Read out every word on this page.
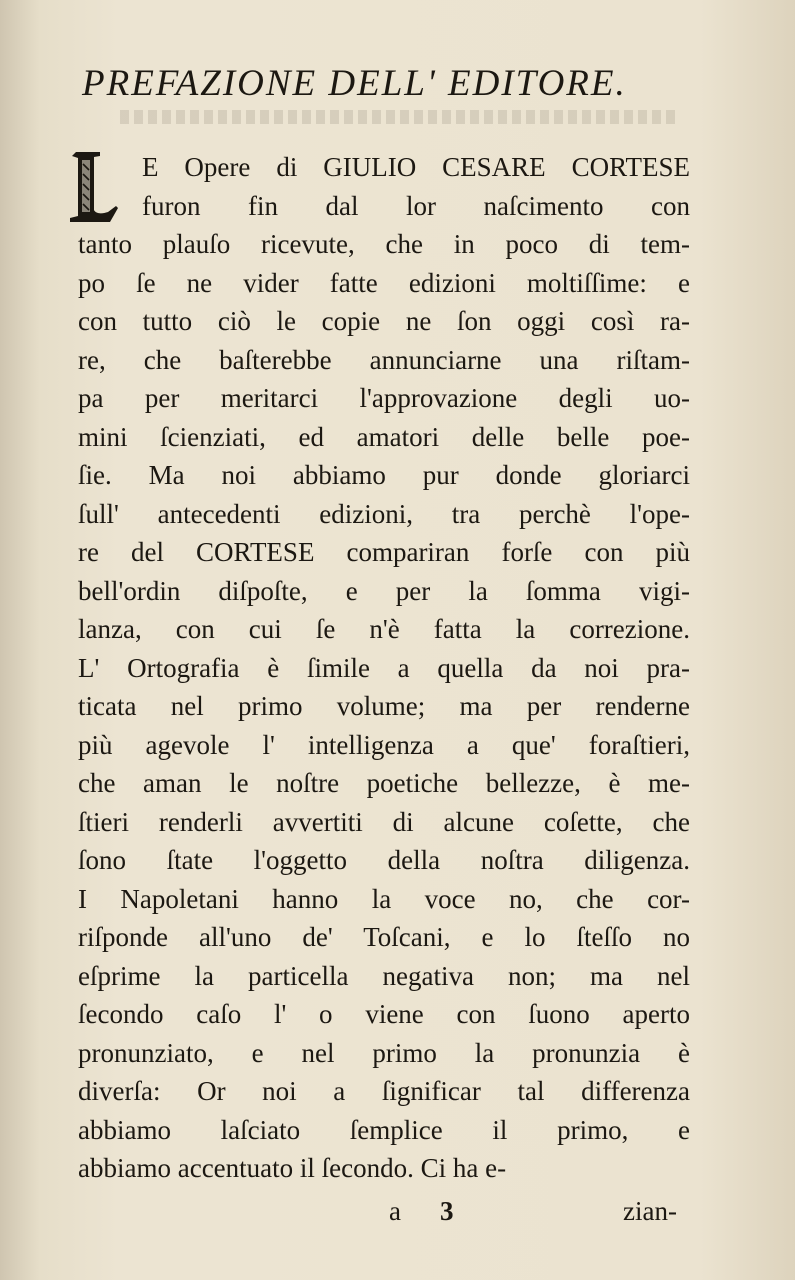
PREFAZIONE DELL' EDITORE.
E Opere di GIULIO CESARE CORTESE
furon fin dal lor naſcimento con
tanto plauſo ricevute, che in poco di tem-
po ſe ne vider fatte edizioni moltiſſime: e
con tutto ciò le copie ne ſon oggi così ra-
re, che baſterebbe annunciarne una riſtam-
pa per meritarci l'approvazione degli uo-
mini ſcienziati, ed amatori delle belle poe-
ſie. Ma noi abbiamo pur donde gloriarci
ſull' antecedenti edizioni, tra perchè l'ope-
re del CORTESE compariran forſe con più
bell'ordin diſpoſte, e per la ſomma vigi-
lanza, con cui ſe n'è fatta la correzione.
L' Ortografia è ſimile a quella da noi pra-
ticata nel primo volume; ma per renderne
più agevole l' intelligenza a que' foraſtieri,
che aman le noſtre poetiche bellezze, è me-
ſtieri renderli avvertiti di alcune coſette, che
ſono ſtate l'oggetto della noſtra diligenza.
I Napoletani hanno la voce no, che cor-
riſponde all'uno de' Toſcani, e lo ſteſſo no
eſprime la particella negativa non; ma nel
ſecondo caſo l' o viene con ſuono aperto
pronunziato, e nel primo la pronunzia è
diverſa: Or noi a ſignificar tal differenza
abbiamo laſciato ſemplice il primo, e
abbiamo accentuato il ſecondo. Ci ha e-
a 3	zian-
